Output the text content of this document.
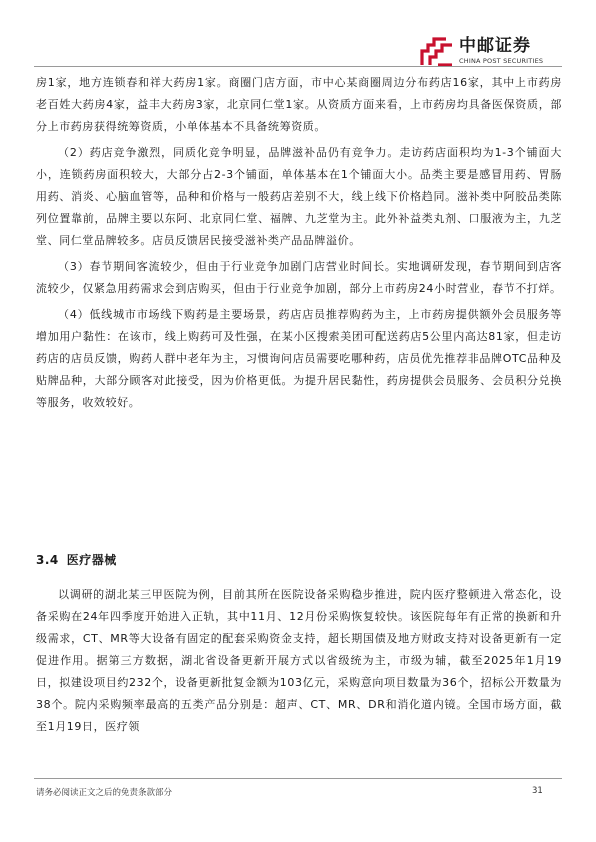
中邮证券
CHINA POST SECURITIES

房1家，地方连锁春和祥大药房1家。商圈门店方面，市中心某商圈周边分布药店16家，其中上市药房老百姓大药房4家，益丰大药房3家，北京同仁堂1家。从资质方面来看，上市药房均具备医保资质，部分上市药房获得统筹资质，小单体基本不具备统筹资质。

（2）药店竞争激烈，同质化竞争明显，品牌滋补品仍有竞争力。走访药店面积均为1-3个铺面大小，连锁药房面积较大，大部分占2-3个铺面，单体基本在1个铺面大小。品类主要是感冒用药、胃肠用药、消炎、心脑血管等，品种和价格与一般药店差别不大，线上线下价格趋同。滋补类中阿胶品类陈列位置靠前，品牌主要以东阿、北京同仁堂、福牌、九芝堂为主。此外补益类丸剂、口服液为主，九芝堂、同仁堂品牌较多。店员反馈居民接受滋补类产品品牌溢价。

（3）春节期间客流较少，但由于行业竞争加剧门店营业时间长。实地调研发现，春节期间到店客流较少，仅紧急用药需求会到店购买，但由于行业竞争加剧，部分上市药房24小时营业，春节不打烊。

（4）低线城市市场线下购药是主要场景，药店店员推荐购药为主，上市药房提供额外会员服务等增加用户黏性：在该市，线上购药可及性强，在某小区搜索美团可配送药店5公里内高达81家，但走访药店的店员反馈，购药人群中老年为主，习惯询问店员需要吃哪种药，店员优先推荐非品牌OTC品种及贴牌品种，大部分顾客对此接受，因为价格更低。为提升居民黏性，药房提供会员服务、会员积分兑换等服务，收效较好。

3.4 医疗器械

以调研的湖北某三甲医院为例，目前其所在医院设备采购稳步推进，院内医疗整顿进入常态化，设备采购在24年四季度开始进入正轨，其中11月、12月份采购恢复较快。该医院每年有正常的换新和升级需求，CT、MR等大设备有固定的配套采购资金支持，超长期国债及地方财政支持对设备更新有一定促进作用。据第三方数据，湖北省设备更新开展方式以省级统为主，市级为辅，截至2025年1月19日，拟建设项目约232个，设备更新批复金额为103亿元，采购意向项目数量为36个，招标公开数量为38个。院内采购频率最高的五类产品分别是：超声、CT、MR、DR和消化道内镜。全国市场方面，截至1月19日，医疗领

请务必阅读正文之后的免责条款部分	31
